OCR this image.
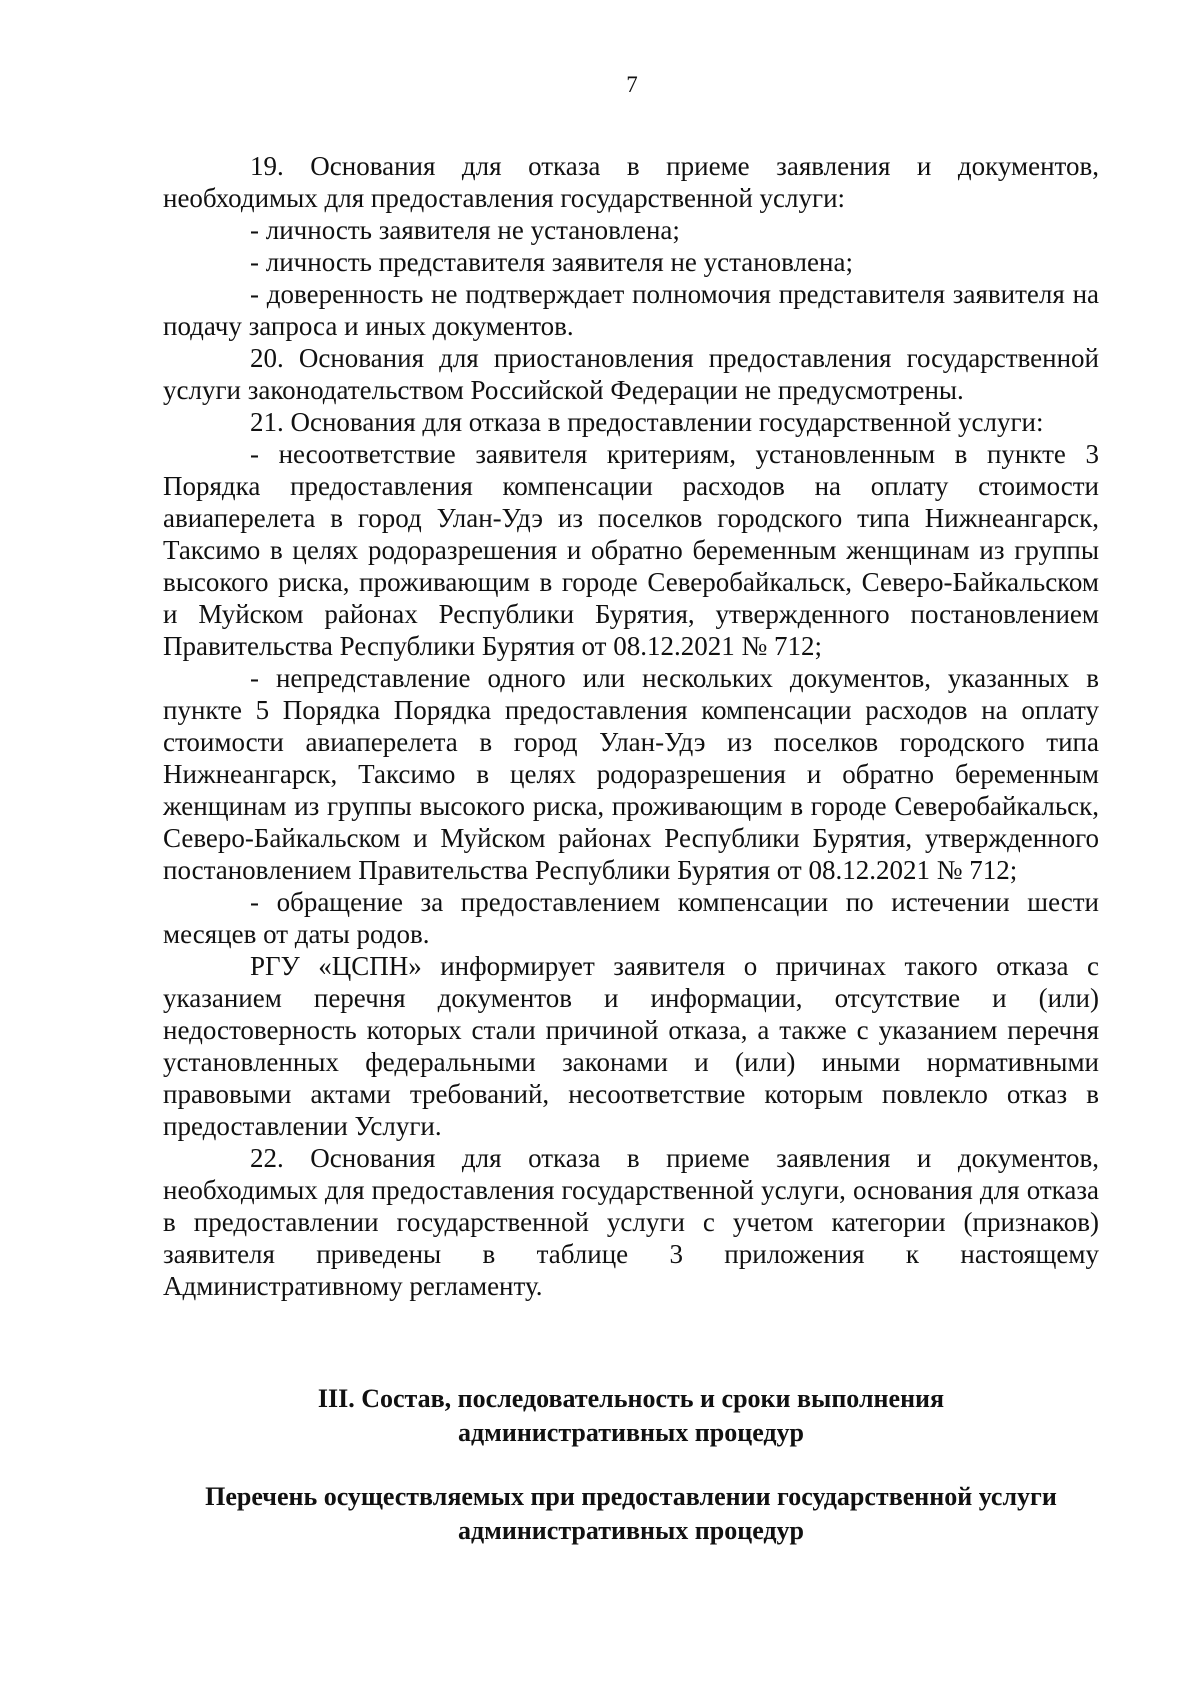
7

19. Основания для отказа в приеме заявления и документов, необходимых для предоставления государственной услуги:

- личность заявителя не установлена;

- личность представителя заявителя не установлена;

- доверенность не подтверждает полномочия представителя заявителя на подачу запроса и иных документов.

20. Основания для приостановления предоставления государственной услуги законодательством Российской Федерации не предусмотрены.

21. Основания для отказа в предоставлении государственной услуги:

- несоответствие заявителя критериям, установленным в пункте 3 Порядка предоставления компенсации расходов на оплату стоимости авиаперелета в город Улан-Удэ из поселков городского типа Нижнеангарск, Таксимо в целях родоразрешения и обратно беременным женщинам из группы высокого риска, проживающим в городе Северобайкальск, Северо-Байкальском и Муйском районах Республики Бурятия, утвержденного постановлением Правительства Республики Бурятия от 08.12.2021 № 712;

- непредставление одного или нескольких документов, указанных в пункте 5 Порядка Порядка предоставления компенсации расходов на оплату стоимости авиаперелета в город Улан-Удэ из поселков городского типа Нижнеангарск, Таксимо в целях родоразрешения и обратно беременным женщинам из группы высокого риска, проживающим в городе Северобайкальск, Северо-Байкальском и Муйском районах Республики Бурятия, утвержденного постановлением Правительства Республики Бурятия от 08.12.2021 № 712;

- обращение за предоставлением компенсации по истечении шести месяцев от даты родов.

РГУ «ЦСПН» информирует заявителя о причинах такого отказа с указанием перечня документов и информации, отсутствие и (или) недостоверность которых стали причиной отказа, а также с указанием перечня установленных федеральными законами и (или) иными нормативными правовыми актами требований, несоответствие которым повлекло отказ в предоставлении Услуги.

22. Основания для отказа в приеме заявления и документов, необходимых для предоставления государственной услуги, основания для отказа в предоставлении государственной услуги с учетом категории (признаков) заявителя приведены в таблице 3 приложения к настоящему Административному регламенту.

III. Состав, последовательность и сроки выполнения
административных процедур
Перечень осуществляемых при предоставлении государственной услуги
административных процедур
